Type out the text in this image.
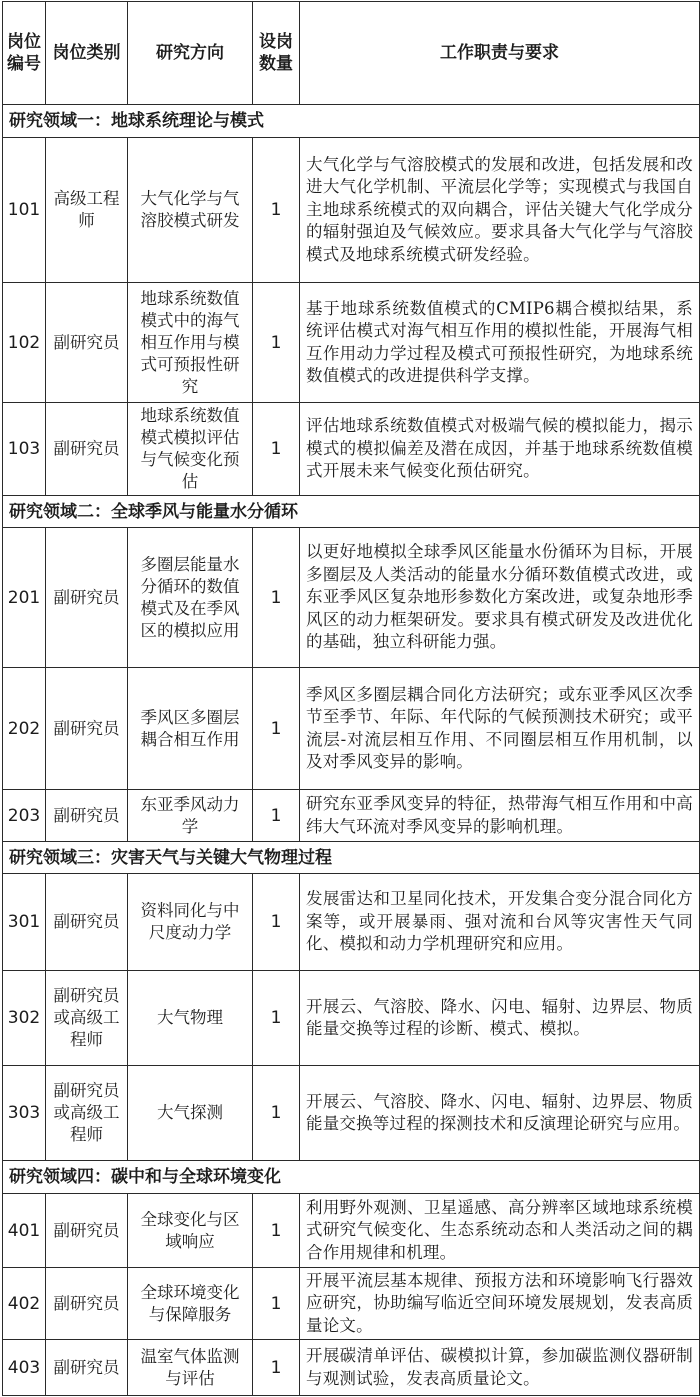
岗位编号	岗位类别	研究方向	设岗数量	工作职责与要求
研究领域一：地球系统理论与模式				
101	高级工程师	大气化学与气溶胶模式研发	1	大气化学与气溶胶模式的发展和改进，包括发展和改进大气化学机制、平流层化学等；实现模式与我国自主地球系统模式的双向耦合，评估关键大气化学成分的辐射强迫及气候效应。要求具备大气化学与气溶胶模式及地球系统模式研发经验。
102	副研究员	地球系统数值模式中的海气相互作用与模式可预报性研究	1	基于地球系统数值模式的CMIP6耦合模拟结果，系统评估模式对海气相互作用的模拟性能，开展海气相互作用动力学过程及模式可预报性研究，为地球系统数值模式的改进提供科学支撑。
103	副研究员	地球系统数值模式模拟评估与气候变化预估	1	评估地球系统数值模式对极端气候的模拟能力，揭示模式的模拟偏差及潜在成因，并基于地球系统数值模式开展未来气候变化预估研究。
研究领域二：全球季风与能量水分循环				
201	副研究员	多圈层能量水分循环的数值模式及在季风区的模拟应用	1	以更好地模拟全球季风区能量水份循环为目标，开展多圈层及人类活动的能量水分循环数值模式改进，或东亚季风区复杂地形参数化方案改进，或复杂地形季风区的动力框架研发。要求具有模式研发及改进优化的基础，独立科研能力强。
202	副研究员	季风区多圈层耦合相互作用	1	季风区多圈层耦合同化方法研究；或东亚季风区次季节至季节、年际、年代际的气候预测技术研究；或平流层-对流层相互作用、不同圈层相互作用机制，以及对季风变异的影响。
203	副研究员	东亚季风动力学	1	研究东亚季风变异的特征，热带海气相互作用和中高纬大气环流对季风变异的影响机理。
研究领域三：灾害天气与关键大气物理过程				
301	副研究员	资料同化与中尺度动力学	1	发展雷达和卫星同化技术，开发集合变分混合同化方案等，或开展暴雨、强对流和台风等灾害性天气同化、模拟和动力学机理研究和应用。
302	副研究员或高级工程师	大气物理	1	开展云、气溶胶、降水、闪电、辐射、边界层、物质能量交换等过程的诊断、模式、模拟。
303	副研究员或高级工程师	大气探测	1	开展云、气溶胶、降水、闪电、辐射、边界层、物质能量交换等过程的探测技术和反演理论研究与应用。
研究领域四：碳中和与全球环境变化				
401	副研究员	全球变化与区域响应	1	利用野外观测、卫星遥感、高分辨率区域地球系统模式研究气候变化、生态系统动态和人类活动之间的耦合作用规律和机理。
402	副研究员	全球环境变化与保障服务	1	开展平流层基本规律、预报方法和环境影响飞行器效应研究，协助编写临近空间环境发展规划，发表高质量论文。
403	副研究员	温室气体监测与评估	1	开展碳清单评估、碳模拟计算，参加碳监测仪器研制与观测试验，发表高质量论文。
